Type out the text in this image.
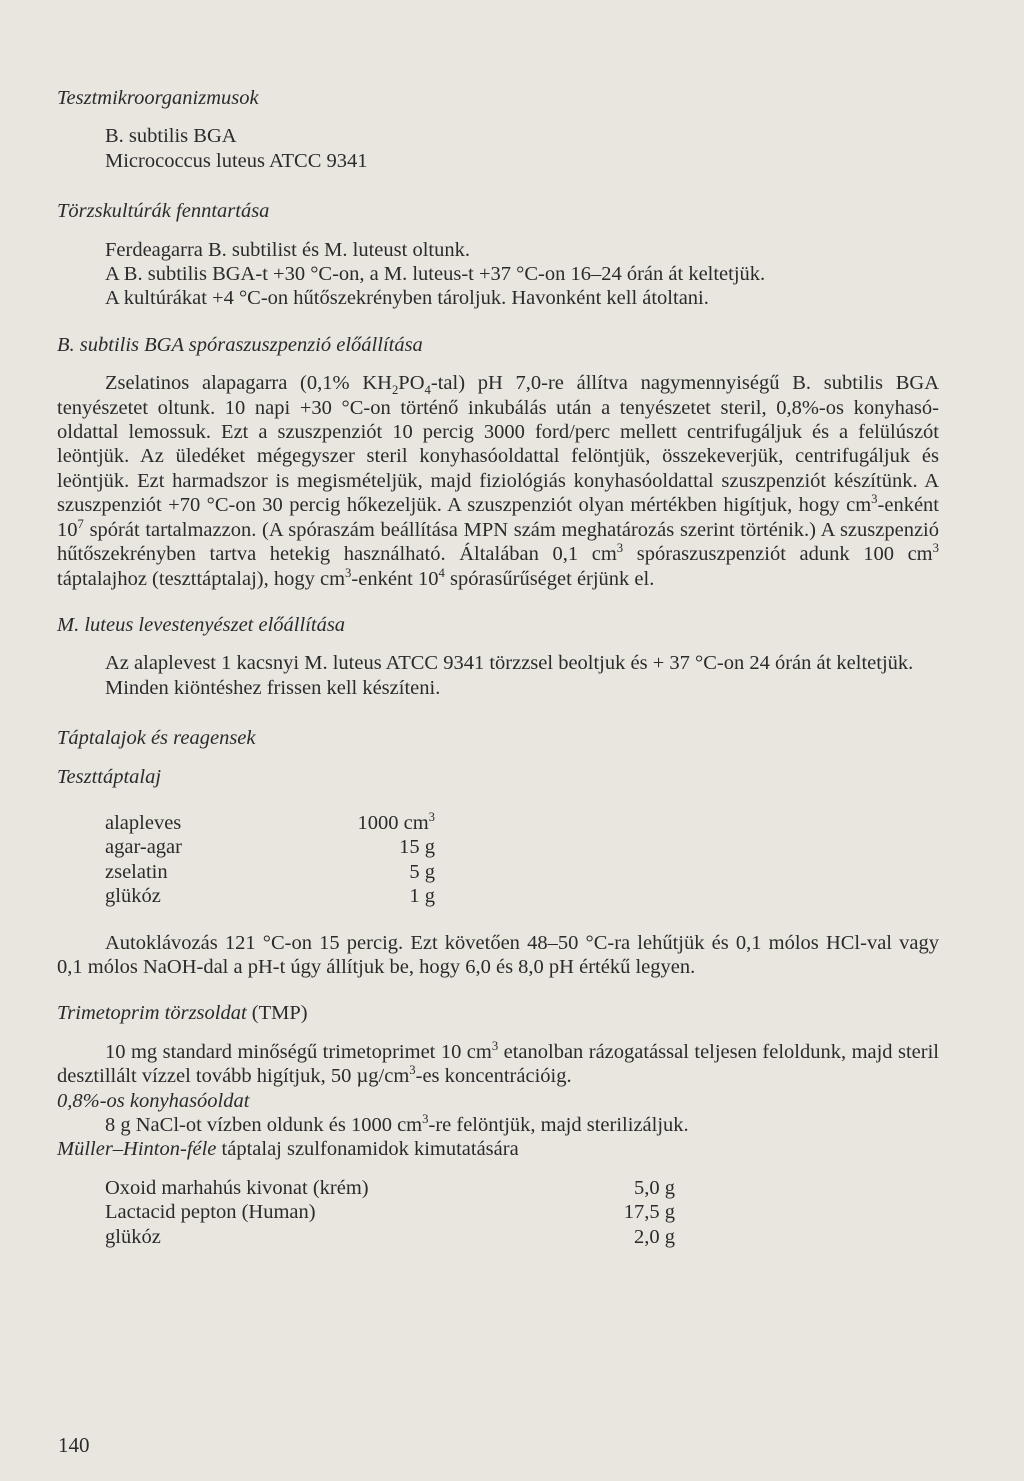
Tesztmikroorganizmusok

B. subtilis BGA

Micrococcus luteus ATCC 9341

Törzskultúrák fenntartása

Ferdeagarra B. subtilist és M. luteust oltunk.

A B. subtilis BGA-t +30 °C-on, a M. luteus-t +37 °C-on 16–24 órán át keltetjük.

A kultúrákat +4 °C-on hűtőszekrényben tároljuk. Havonként kell átoltani.

B. subtilis BGA spóraszuszpenzió előállítása

Zselatinos alapagarra (0,1% $KH_2PO_4-tal$) pH 7,0-re állítva nagymennyiségű B. subtilis BGA tenyészetet oltunk. 10 napi +30 °C-on történő inkubálás után a tenyészetet steril, 0,8%-os konyhasó-oldattal lemossuk. Ezt a szuszpenziót 10 percig 3000 ford/perc mellett centrifugáljuk és a felülúszót leöntjük. Az üledéket mégegyszer steril konyhasóoldattal felöntjük, összekeverjük, centrifugáljuk és leöntjük. Ezt harmadszor is megismételjük, majd fiziológiás konyhasóoldattal szuszpenziót készítünk. A szuszpenziót +70 °C-on 30 percig hőkezeljük. A szuszpenziót olyan mértékben higítjuk, hogy $cm^3$-enként $10^7$ spórát tartalmazzon. (A spóraszám beállítása MPN szám meghatározás szerint történik.) A szuszpenzió hűtőszekrényben tartva hetekig használható. Általában 0,1 $cm^3$ spóraszuszpenziót adunk 100 $cm^3$ táptalajhoz (teszttáptalaj), hogy $cm^3$-enként $10^4$ spórasűrűséget érjünk el.

M. luteus levestenyészet előállítása

Az alaplevest 1 kacsnyi M. luteus ATCC 9341 törzzsel beoltjuk és + 37 °C-on 24 órán át keltetjük.

Minden kiöntéshez frissen kell készíteni.

Táptalajok és reagensek

Teszttáptalaj

alapleves	1000 $cm^3$
agar-agar	15 g
zselatin	5 g
glükóz	1 g

Autoklávozás 121 °C-on 15 percig. Ezt követően 48–50 °C-ra lehűtjük és 0,1 mólos HCl-val vagy 0,1 mólos NaOH-dal a pH-t úgy állítjuk be, hogy 6,0 és 8,0 pH értékű legyen.

Trimetoprim törzsoldat (TMP)

10 mg standard minőségű trimetoprimet 10 $cm^3$ etanolban rázogatással teljesen feloldunk, majd steril desztillált vízzel tovább higítjuk, 50 $\mu g/cm^3-es$ koncentrációig.

0,8%-os konyhasóoldat

8 g NaCl-ot vízben oldunk és 1000 $cm^3-re$ felöntjük, majd sterilizáljuk.

Müller–Hinton-féle táptalaj szulfonamidok kimutatására

Oxoid marhahús kivonat (krém)	5,0 g
Lactacid pepton (Human)	17,5 g
glükóz	2,0 g
140
